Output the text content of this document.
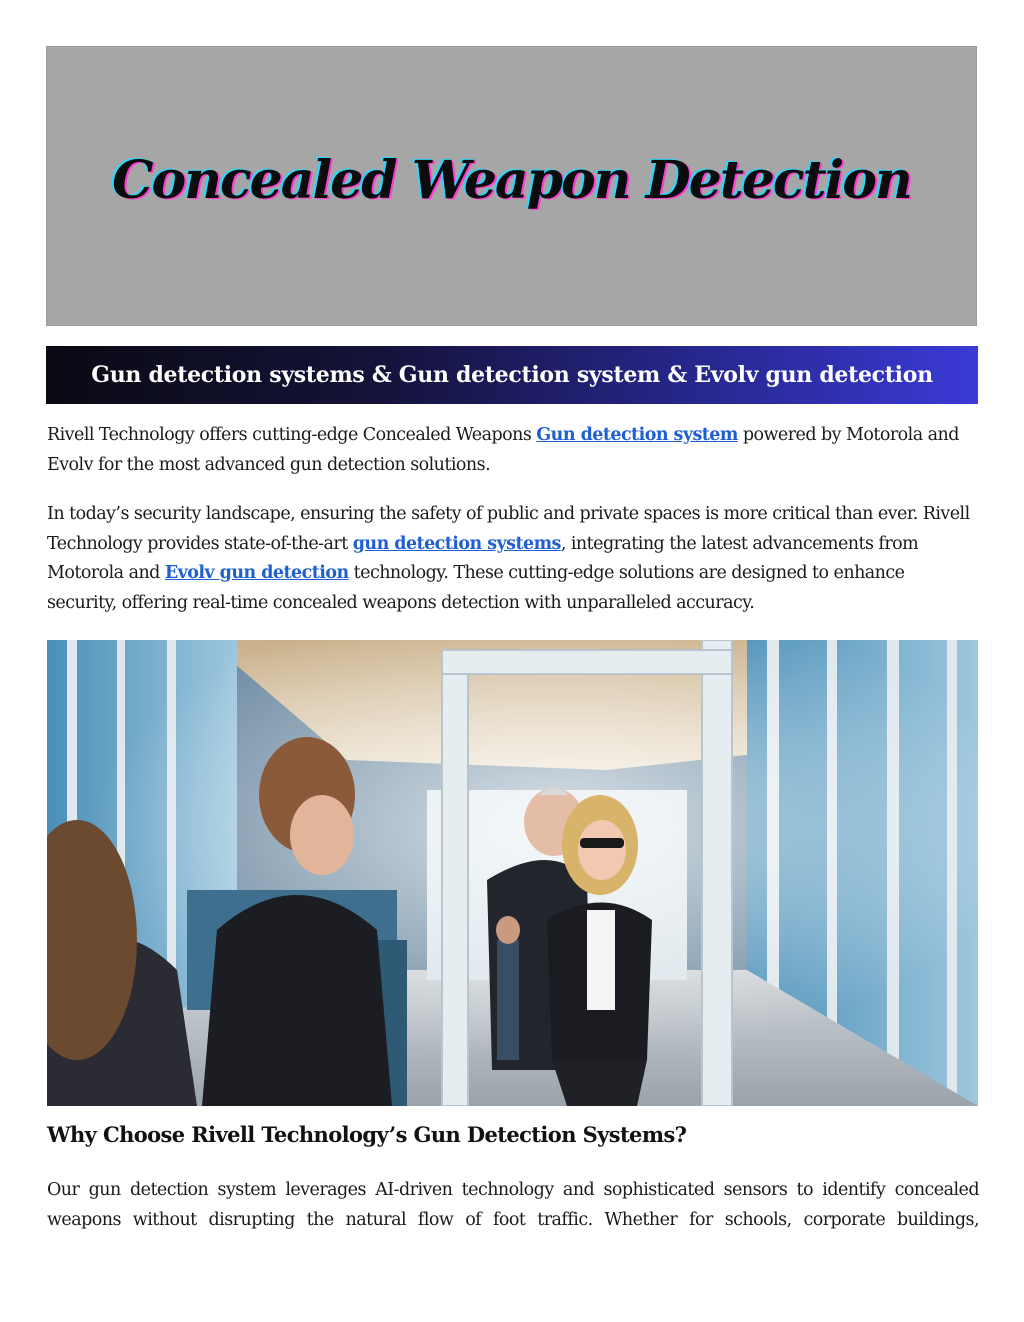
Concealed Weapon Detection
Gun detection systems & Gun detection system & Evolv gun detection

Rivell Technology offers cutting-edge Concealed Weapons Gun detection system powered by Motorola and Evolv for the most advanced gun detection solutions.

In today’s security landscape, ensuring the safety of public and private spaces is more critical than ever. Rivell Technology provides state-of-the-art gun detection systems, integrating the latest advancements from Motorola and Evolv gun detection technology. These cutting-edge solutions are designed to enhance security, offering real-time concealed weapons detection with unparalleled accuracy.

Why Choose Rivell Technology’s Gun Detection Systems?

Our gun detection system leverages AI-driven technology and sophisticated sensors to identify concealed weapons without disrupting the natural flow of foot traffic. Whether for schools, corporate buildings,
